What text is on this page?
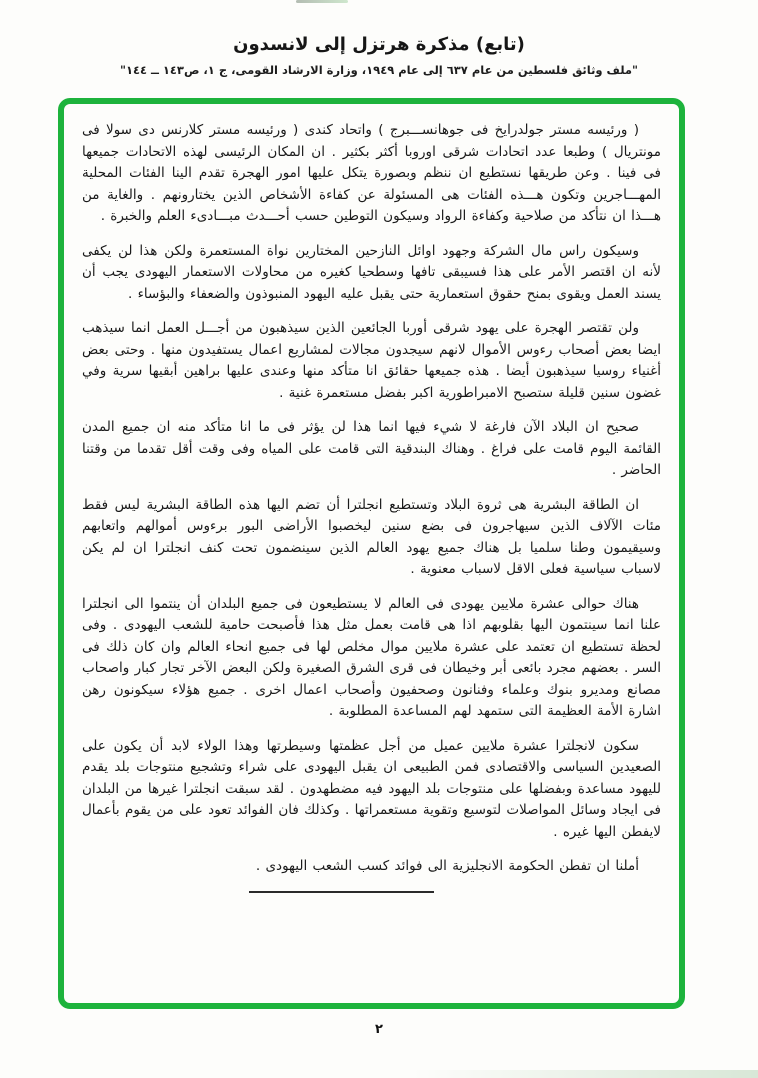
(تابع) مذكرة هرتزل إلى لانسدون
"ملف وثائق فلسطين من عام ٦٣٧ إلى عام ١٩٤٩، وزارة الارشاد القومى، ج ١، ص١٤٣ ــ ١٤٤"

( ورئيسه مستر جولدرايخ فى جوهانســـبرج ) واتحاد كندى ( ورئيسه مستر كلارنس دى سولا فى مونتريال ) وطبعا عدد اتحادات شرقى اوروبا أكثر بكثير . ان المكان الرئيسى لهذه الاتحادات جميعها فى فينا . وعن طريقها نستطيع ان ننظم وبصورة يتكل عليها امور الهجرة تقدم الينا الفئات المحلية المهـــاجرين وتكون هـــذه الفئات هى المسئولة عن كفاءة الأشخاص الذين يختارونهم . والغاية من هـــذا ان نتأكد من صلاحية وكفاءة الرواد وسيكون التوطين حسب أحـــدث مبـــادىء العلم والخبرة .

وسيكون راس مال الشركة وجهود اوائل النازحين المختارين نواة المستعمرة ولكن هذا لن يكفى لأنه ان اقتصر الأمر على هذا فسيبقى تافها وسطحيا كغيره من محاولات الاستعمار اليهودى يجب أن يسند العمل ويقوى بمنح حقوق استعمارية حتى يقبل عليه اليهود المنبوذون والضعفاء والبؤساء .

ولن تقتصر الهجرة على يهود شرقى أوربا الجائعين الذين سيذهبون من أجـــل العمل انما سيذهب ايضا بعض أصحاب رءوس الأموال لانهم سيجدون مجالات لمشاريع اعمال يستفيدون منها . وحتى بعض أغنياء روسيا سيذهبون أيضا . هذه جميعها حقائق انا متأكد منها وعندى عليها براهين أبقيها سرية وفي غضون سنين قليلة ستصبح الامبراطورية اكبر بفضل مستعمرة غنية .

صحيح ان البلاد الآن فارغة لا شيء فيها انما هذا لن يؤثر فى ما انا متأكد منه ان جميع المدن القائمة اليوم قامت على فراغ . وهناك البندقية التى قامت على المياه وفى وقت أقل تقدما من وقتنا الحاضر .

ان الطاقة البشرية هى ثروة البلاد وتستطيع انجلترا أن تضم اليها هذه الطاقة البشرية ليس فقط مئات الآلاف الذين سيهاجرون فى بضع سنين ليخصبوا الأراضى البور برءوس أموالهم واتعابهم وسيقيمون وطنا سلميا بل هناك جميع يهود العالم الذين سينضمون تحت كنف انجلترا ان لم يكن لاسباب سياسية فعلى الاقل لاسباب معنوية .

هناك حوالى عشرة ملايين يهودى فى العالم لا يستطيعون فى جميع البلدان أن ينتموا الى انجلترا علنا انما سينتمون اليها بقلوبهم اذا هى قامت بعمل مثل هذا فأصبحت حامية للشعب اليهودى . وفى لحظة تستطيع ان تعتمد على عشرة ملايين موال مخلص لها فى جميع انحاء العالم وان كان ذلك فى السر . بعضهم مجرد بائعى أبر وخيطان فى قرى الشرق الصغيرة ولكن البعض الآخر تجار كبار واصحاب مصانع ومديرو بنوك وعلماء وفنانون وصحفيون وأصحاب اعمال اخرى . جميع هؤلاء سيكونون رهن اشارة الأمة العظيمة التى ستمهد لهم المساعدة المطلوبة .

سكون لانجلترا عشرة ملايين عميل من أجل عظمتها وسيطرتها وهذا الولاء لابد أن يكون على الصعيدين السياسى والاقتصادى فمن الطبيعى ان يقبل اليهودى على شراء وتشجيع منتوجات بلد يقدم لليهود مساعدة وبفضلها على منتوجات بلد اليهود فيه مضطهدون . لقد سبقت انجلترا غيرها من البلدان فى ايجاد وسائل المواصلات لتوسيع وتقوية مستعمراتها . وكذلك فان الفوائد تعود على من يقوم بأعمال لايفطن اليها غيره .

أملنا ان تفطن الحكومة الانجليزية الى فوائد كسب الشعب اليهودى .

٢
